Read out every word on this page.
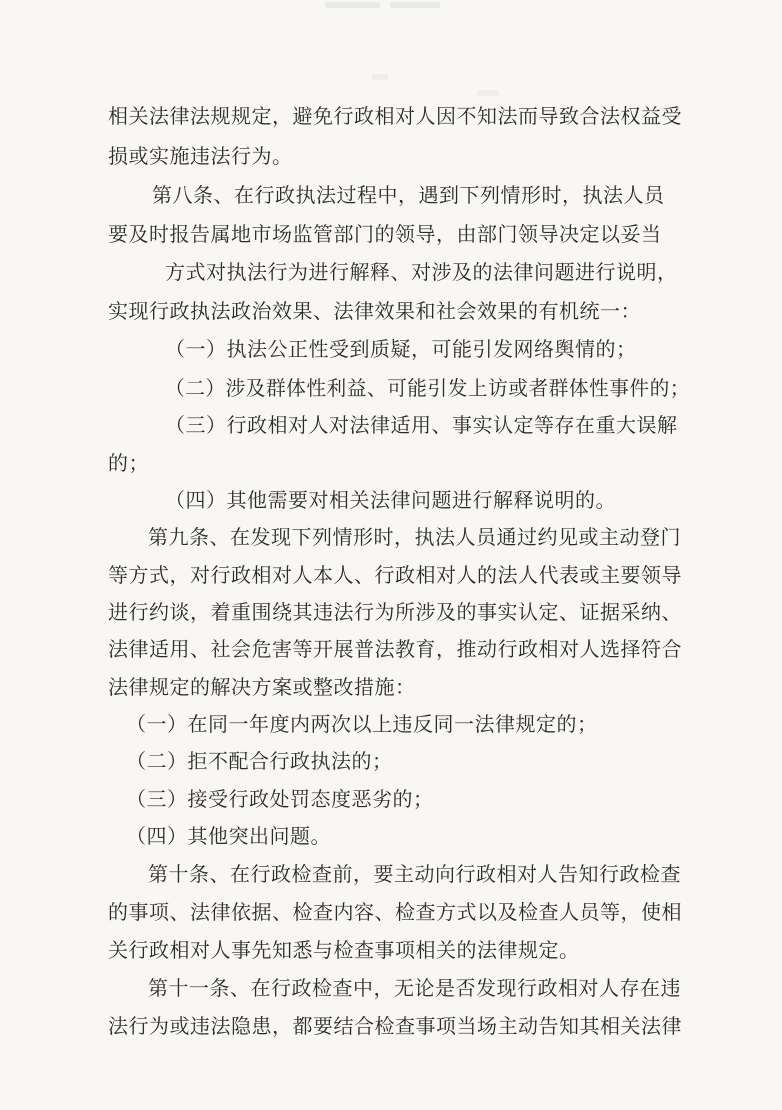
相关法律法规规定，避免行政相对人因不知法而导致合法权益受
损或实施违法行为。
第八条、在行政执法过程中，遇到下列情形时，执法人员
要及时报告属地市场监管部门的领导，由部门领导决定以妥当
方式对执法行为进行解释、对涉及的法律问题进行说明，
实现行政执法政治效果、法律效果和社会效果的有机统一：
（一）执法公正性受到质疑，可能引发网络舆情的；
（二）涉及群体性利益、可能引发上访或者群体性事件的；
（三）行政相对人对法律适用、事实认定等存在重大误解
的；
（四）其他需要对相关法律问题进行解释说明的。
第九条、在发现下列情形时，执法人员通过约见或主动登门
等方式，对行政相对人本人、行政相对人的法人代表或主要领导
进行约谈，着重围绕其违法行为所涉及的事实认定、证据采纳、
法律适用、社会危害等开展普法教育，推动行政相对人选择符合
法律规定的解决方案或整改措施：
（一）在同一年度内两次以上违反同一法律规定的；
（二）拒不配合行政执法的；
（三）接受行政处罚态度恶劣的；
（四）其他突出问题。
第十条、在行政检查前，要主动向行政相对人告知行政检查
的事项、法律依据、检查内容、检查方式以及检查人员等，使相
关行政相对人事先知悉与检查事项相关的法律规定。
第十一条、在行政检查中，无论是否发现行政相对人存在违
法行为或违法隐患，都要结合检查事项当场主动告知其相关法律
